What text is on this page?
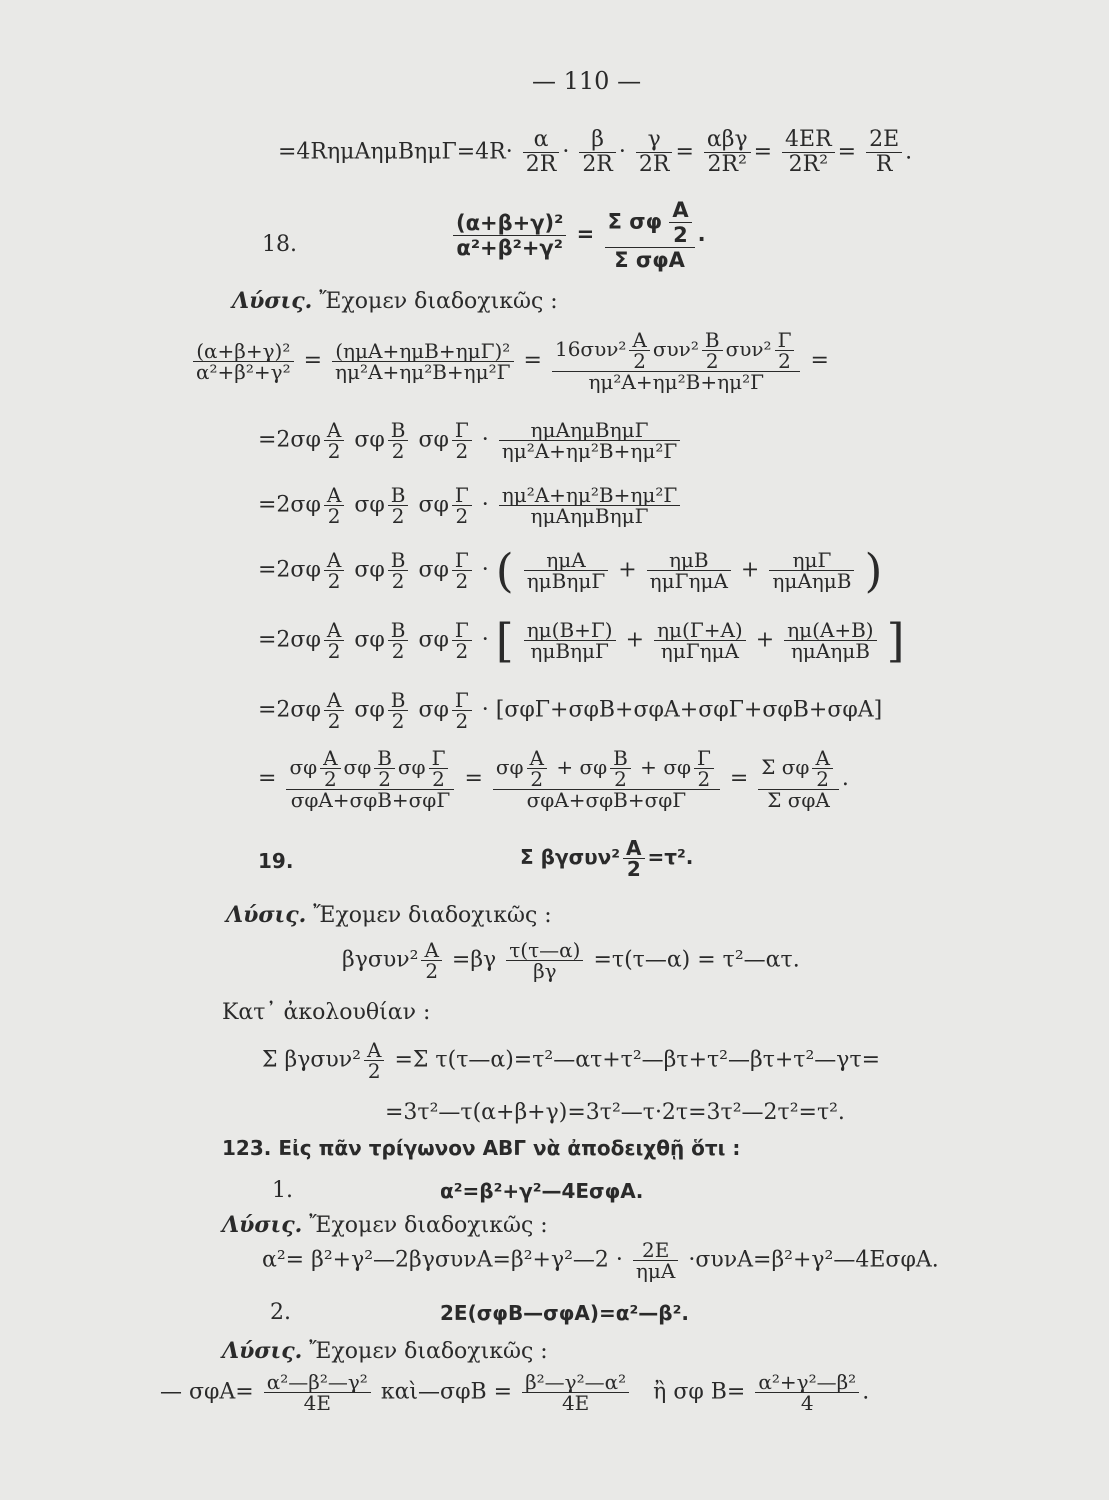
— 110 —
$=4R\eta\mu A\eta\mu B\eta\mu\Gamma=4R\cdot \frac{\alpha}{2R} \cdot \frac{\beta}{2R} \cdot \frac{\gamma}{2R} = \frac{\text{αβγ}}{\text{2R²}} = \frac{4ER}{\text{2R²}} = \frac{2E}{R}$ .
18.	$\frac{\text{(α+β+γ)²}}{\text{α²+β²+γ²}} = \frac{\Sigma \sigma\varphi \frac{A}{2}}{\text{Σ σφΑ}}$ .
Λύσις. Ἔχομεν διαδοχικῶς :
$\frac{\text{(α+β+γ)²}}{\text{α²+β²+γ²}} = \frac{\text{(ημΑ+ημΒ+ημΓ)²}}{\text{ημ²Α+ημ²Β+ημ²Γ}} = \frac{16\sigma\upsilon\nu^2 \frac{A}{2} \sigma\upsilon\nu^2 \frac{B}{2} \sigma\upsilon\nu^2 \frac{\Gamma}{2}}{\text{ημ²Α+ημ²Β+ημ²Γ}}$ =
$=2\sigma\varphi \frac{A}{2}$ σφ $\frac{B}{2}$ σφ $\frac{\Gamma}{2} \cdot \frac{\text{ημΑημΒημΓ}}{\text{ημ²Α+ημ²Β+ημ²Γ}}$
$=2\sigma\varphi \frac{A}{2}$ σφ $\frac{B}{2}$ σφ $\frac{\Gamma}{2} \cdot \frac{\text{ημ²Α+ημ²Β+ημ²Γ}}{\text{ημΑημΒημΓ}}$
$=2\sigma\varphi \frac{A}{2}$ σφ $\frac{B}{2}$ σφ $\frac{\Gamma}{2}$ · ( $\frac{\text{ημΑ}}{\text{ημΒημΓ}} + \frac{\text{ημΒ}}{\text{ημΓημΑ}} + \frac{\text{ημΓ}}{\text{ημΑημΒ}}$ )
$=2\sigma\varphi \frac{A}{2}$ σφ $\frac{B}{2}$ σφ $\frac{\Gamma}{2}$ · [ $\frac{\eta\mu(B+\Gamma)}{\text{ημΒημΓ}} + \frac{\eta\mu(\Gamma+A)}{\text{ημΓημΑ}} + \frac{\eta\mu(A+B)}{\text{ημΑημΒ}}$ ]
$=2\sigma\varphi \frac{A}{2}$ σφ $\frac{B}{2}$ σφ $\frac{\Gamma}{2} \cdot [\sigma\varphi\Gamma+\sigma\varphi B+\sigma\varphi A+\sigma\varphi\Gamma+\sigma\varphi B+\sigma\varphi A]$
= $\frac{\sigma\varphi \frac{A}{2} \sigma\varphi \frac{B}{2} \sigma\varphi \frac{\Gamma}{2}}{\text{σφΑ+σφΒ+σφΓ}} = \frac{\sigma\varphi \frac{A}{2} + \sigma\varphi \frac{B}{2} + \sigma\varphi \frac{\Gamma}{2}}{\text{σφΑ+σφΒ+σφΓ}} = \frac{\Sigma \sigma\varphi \frac{A}{2}}{\text{Σ σφΑ}}$ .
19.	Σ $\beta\gamma\sigma\upsilon\nu^2 \frac{A}{2} =\tau^2$.
Λύσις. Ἔχομεν διαδοχικῶς :
$\beta\gamma\sigma\upsilon\nu^2 \frac{A}{2} =\beta\gamma \frac{\tau(\tau—\alpha)}{\beta\gamma}$ =τ(τ—α) = τ²—ατ.
Κατ᾽ ἀκολουθίαν :
Σ $\beta\gamma\sigma\upsilon\nu^2 \frac{A}{2} =\Sigma$ τ(τ—α)=τ²—ατ+τ²—βτ+τ²—βτ+τ²—γτ=
=3τ²—τ(α+β+γ)=3τ²—τ·2τ=3τ²—2τ²=τ².
123. Εἰς πᾶν τρίγωνον ΑΒΓ νὰ ἀποδειχθῇ ὅτι :
1.	α²=β²+γ²—4ΕσφΑ.
Λύσις. Ἔχομεν διαδοχικῶς :
α²= β²+γ²—2βγσυνΑ=β²+γ²—2 · $\frac{2E}{\text{ημΑ}}$ ·συνΑ=β²+γ²—4ΕσφΑ.
2.	2Ε(σφΒ—σφΑ)=α²—β².
Λύσις. Ἔχομεν διαδοχικῶς :
— $\sigma\varphi A= \frac{\text{α²—β²—γ²}}{4E}$ καὶ—σφΒ = $\frac{\text{β²—γ²—α²}}{4E}$ ἢ σφ $B= \frac{\text{α²+γ²—β²}}{4}$ .
